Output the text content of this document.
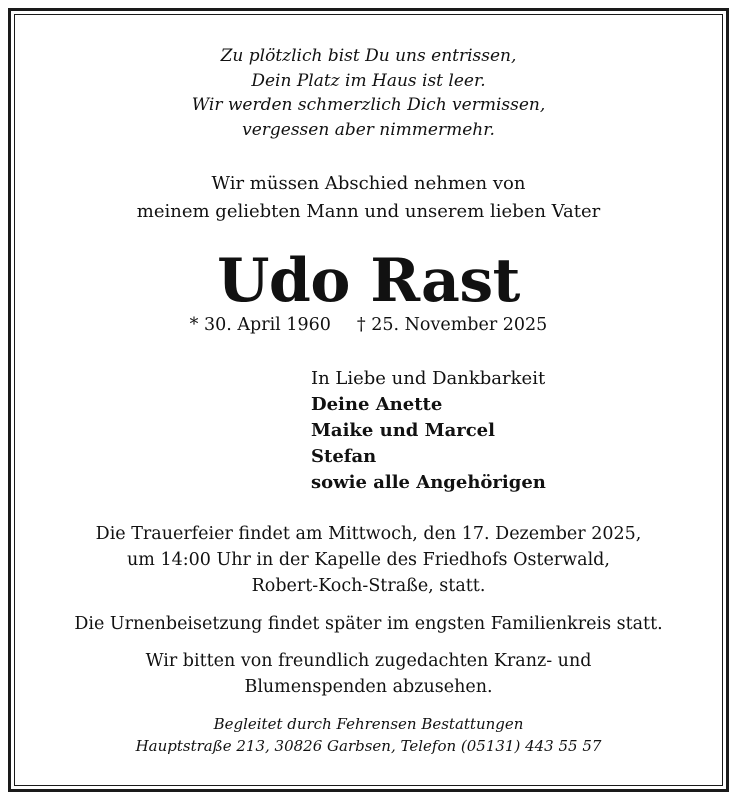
Zu plötzlich bist Du uns entrissen,
Dein Platz im Haus ist leer.
Wir werden schmerzlich Dich vermissen,
vergessen aber nimmermehr.
Wir müssen Abschied nehmen von
meinem geliebten Mann und unserem lieben Vater
Udo Rast
* 30. April 1960 † 25. November 2025
In Liebe und Dankbarkeit
Deine Anette
Maike und Marcel
Stefan
sowie alle Angehörigen
Die Trauerfeier findet am Mittwoch, den 17. Dezember 2025,
um 14:00 Uhr in der Kapelle des Friedhofs Osterwald,
Robert-Koch-Straße, statt.
Die Urnenbeisetzung findet später im engsten Familienkreis statt.
Wir bitten von freundlich zugedachten Kranz- und
Blumenspenden abzusehen.
Begleitet durch Fehrensen Bestattungen
Hauptstraße 213, 30826 Garbsen, Telefon (05131) 443 55 57
